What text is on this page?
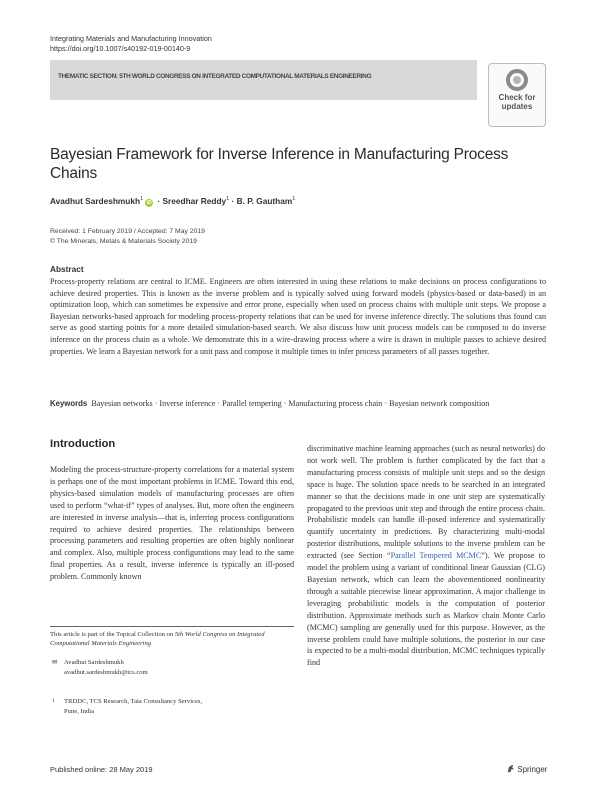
Integrating Materials and Manufacturing Innovation
https://doi.org/10.1007/s40192-019-00140-9
THEMATIC SECTION: 5TH WORLD CONGRESS ON INTEGRATED COMPUTATIONAL MATERIALS ENGINEERING
Check for
updates
Bayesian Framework for Inverse Inference in Manufacturing Process Chains
Avadhut Sardeshmukh$^1$iD · Sreedhar Reddy$^1$ · B. P. Gautham$^1$
Received: 1 February 2019 / Accepted: 7 May 2019
© The Minerals, Metals & Materials Society 2019
Abstract
Process-property relations are central to ICME. Engineers are often interested in using these relations to make decisions on process configurations to achieve desired properties. This is known as the inverse problem and is typically solved using forward models (physics-based or data-based) in an optimization loop, which can sometimes be expensive and error prone, especially when used on process chains with multiple unit steps. We propose a Bayesian networks-based approach for modeling process-property relations that can be used for inverse inference directly. The solutions thus found can serve as good starting points for a more detailed simulation-based search. We also discuss how unit process models can be composed to do inverse inference on the process chain as a whole. We demonstrate this in a wire-drawing process where a wire is drawn in multiple passes to achieve desired properties. We learn a Bayesian network for a unit pass and compose it multiple times to infer process parameters of all passes together.
Keywords Bayesian networks · Inverse inference · Parallel tempering · Manufacturing process chain · Bayesian network composition
Introduction
Modeling the process-structure-property correlations for a material system is perhaps one of the most important problems in ICME. Toward this end, physics-based simulation models of manufacturing processes are often used to perform “what-if” types of analyses. But, more often the engineers are interested in inverse analysis—that is, inferring process configurations required to achieve desired properties. The relationships between processing parameters and resulting properties are often highly nonlinear and complex. Also, multiple process configurations may lead to the same final properties. As a result, inverse inference is typically an ill-posed problem. Commonly known
discriminative machine learning approaches (such as neural networks) do not work well. The problem is further complicated by the fact that a manufacturing process consists of multiple unit steps and so the design space is huge. The solution space needs to be searched in an integrated manner so that the decisions made in one unit step are systematically propagated to the previous unit step and through the entire process chain. Probabilistic models can handle ill-posed inference and systematically quantify uncertainty in predictions. By characterizing multi-modal posterior distributions, multiple solutions to the inverse problem can be extracted (see Section “Parallel Tempered MCMC”). We propose to model the problem using a variant of conditional linear Gaussian (CLG) Bayesian network, which can learn the abovementioned nonlinearity through a suitable piecewise linear approximation. A major challenge in leveraging probabilistic models is the computation of posterior distribution. Approximate methods such as Markov chain Monte Carlo (MCMC) sampling are generally used for this purpose. However, as the inverse problem could have multiple solutions, the posterior in our case is expected to be a multi-modal distribution. MCMC techniques typically find
This article is part of the Topical Collection on 5th World Congress on Integrated Computational Materials Engineering
✉ Avadhut Sardeshmukh
avadhut.sardeshmukh@tcs.com
1 TRDDC, TCS Research, Tata Consultancy Services,
Pune, India
Published online: 28 May 2019	Springer
